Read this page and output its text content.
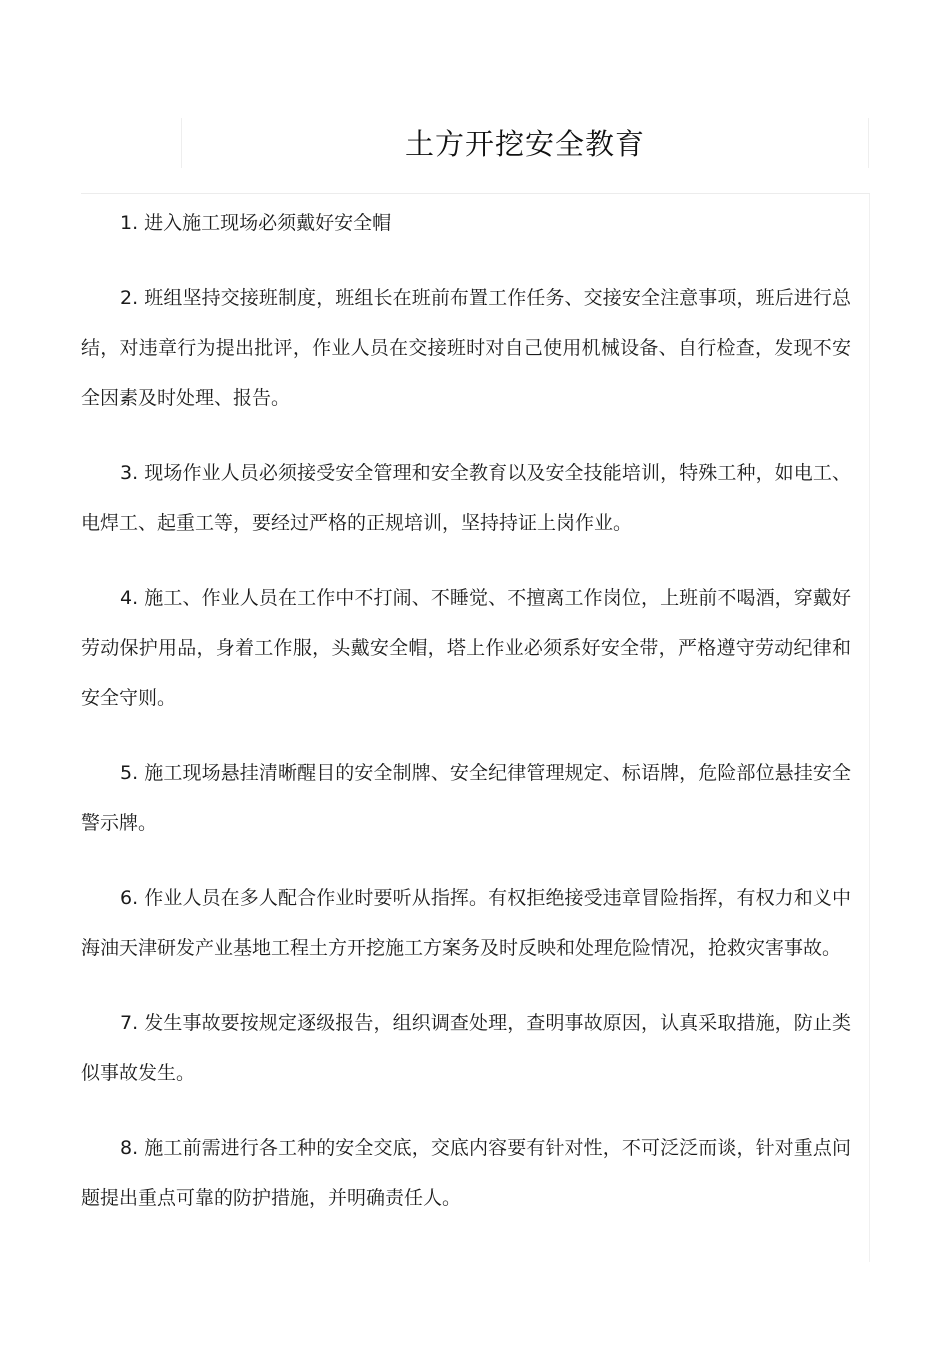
土方开挖安全教育

1. 进入施工现场必须戴好安全帽

2. 班组坚持交接班制度，班组长在班前布置工作任务、交接安全注意事项，班后进行总结，对违章行为提出批评，作业人员在交接班时对自己使用机械设备、自行检查，发现不安全因素及时处理、报告。

3. 现场作业人员必须接受安全管理和安全教育以及安全技能培训，特殊工种，如电工、电焊工、起重工等，要经过严格的正规培训，坚持持证上岗作业。

4. 施工、作业人员在工作中不打闹、不睡觉、不擅离工作岗位，上班前不喝酒，穿戴好劳动保护用品，身着工作服，头戴安全帽，塔上作业必须系好安全带，严格遵守劳动纪律和安全守则。

5. 施工现场悬挂清晰醒目的安全制牌、安全纪律管理规定、标语牌，危险部位悬挂安全警示牌。

6. 作业人员在多人配合作业时要听从指挥。有权拒绝接受违章冒险指挥，有权力和义中海油天津研发产业基地工程土方开挖施工方案务及时反映和处理危险情况，抢救灾害事故。

7. 发生事故要按规定逐级报告，组织调查处理，查明事故原因，认真采取措施，防止类似事故发生。

8. 施工前需进行各工种的安全交底，交底内容要有针对性，不可泛泛而谈，针对重点问题提出重点可靠的防护措施，并明确责任人。
